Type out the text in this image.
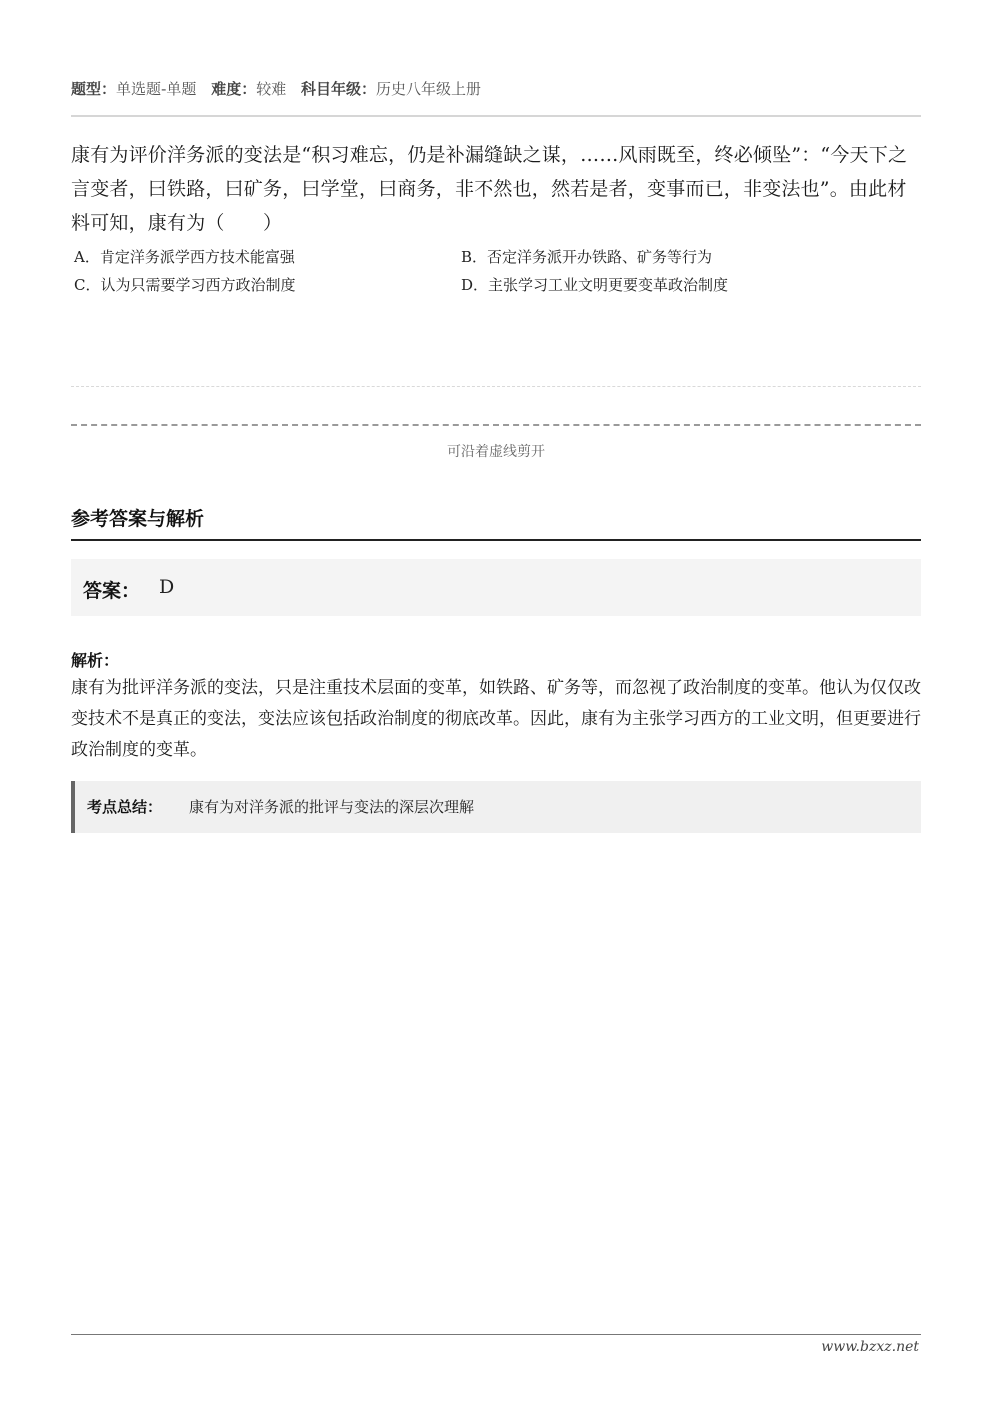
题型：单选题-单题 难度：较难 科目年级：历史八年级上册
康有为评价洋务派的变法是“积习难忘，仍是补漏缝缺之谋，……风雨既至，终必倾坠”：“今天下之言变者，曰铁路，曰矿务，曰学堂，曰商务，非不然也，然若是者，变事而已，非变法也”。由此材料可知，康有为（　　）
A．肯定洋务派学西方技术能富强	B．否定洋务派开办铁路、矿务等行为
C．认为只需要学习西方政治制度	D．主张学习工业文明更要变革政治制度
可沿着虚线剪开
参考答案与解析
答案： D
解析：
康有为批评洋务派的变法，只是注重技术层面的变革，如铁路、矿务等，而忽视了政治制度的变革。他认为仅仅改变技术不是真正的变法，变法应该包括政治制度的彻底改革。因此，康有为主张学习西方的工业文明，但更要进行政治制度的变革。
考点总结： 康有为对洋务派的批评与变法的深层次理解
www.bzxz.net
